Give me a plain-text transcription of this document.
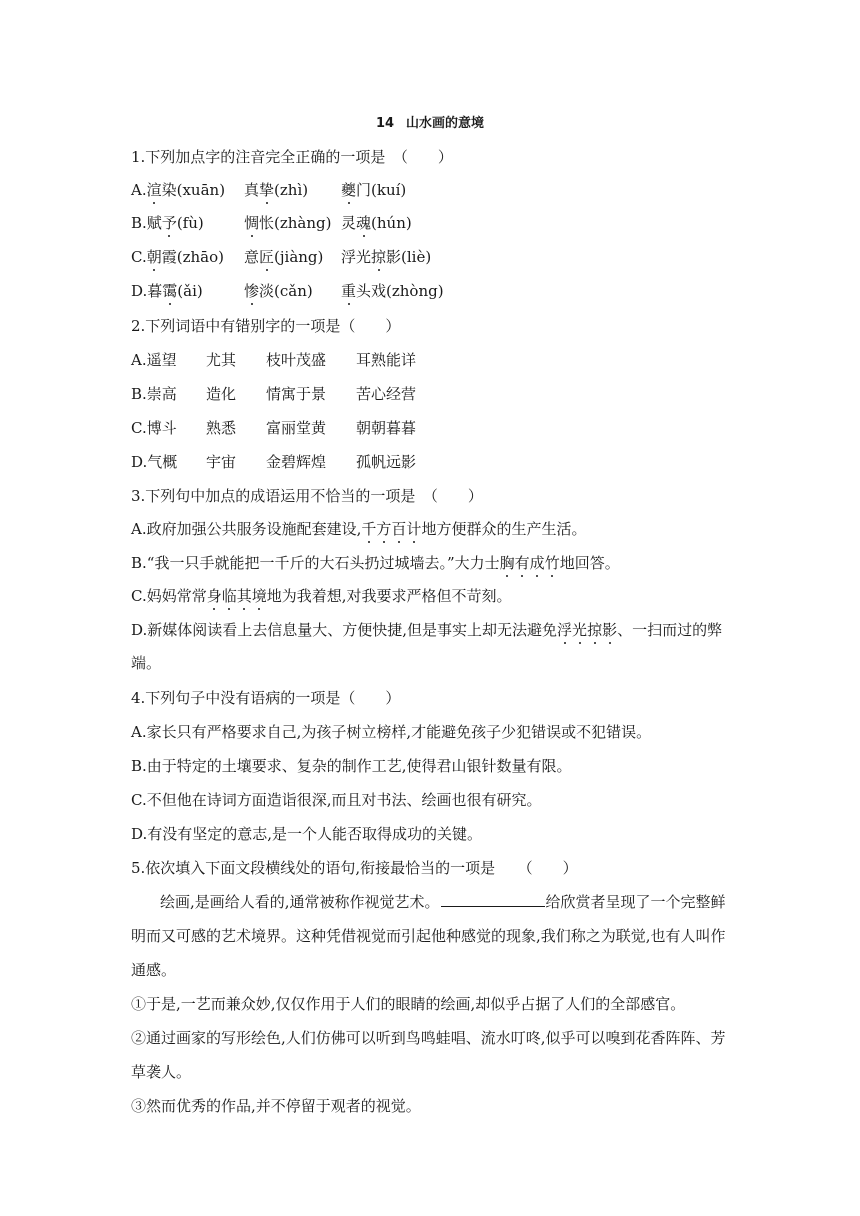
14 山水画的意境
1.下列加点字的注音完全正确的一项是　（　　）
A.渲染(xuān) 真挚(zhì) 夔门(kuí)
B.赋予(fù)	惆怅(zhàng) 灵魂(hún)
C.朝霞(zhāo) 意匠(jiàng) 浮光掠影(liè)
D.暮霭(ǎi)	惨淡(cǎn) 重头戏(zhòng)
2.下列词语中有错别字的一项是（　　）
A.遥望 尤其 枝叶茂盛 耳熟能详
B.崇高 造化 情寓于景 苦心经营
C.博斗 熟悉 富丽堂黄 朝朝暮暮
D.气概 宇宙 金碧辉煌 孤帆远影
3.下列句中加点的成语运用不恰当的一项是　（　　）
A.政府加强公共服务设施配套建设,千方百计地方便群众的生产生活。
B.“我一只手就能把一千斤的大石头扔过城墙去。”大力士胸有成竹地回答。
C.妈妈常常身临其境地为我着想,对我要求严格但不苛刻。
D.新媒体阅读看上去信息量大、方便快捷,但是事实上却无法避免浮光掠影、一扫而过的弊
端。
4.下列句子中没有语病的一项是（　　）
A.家长只有严格要求自己,为孩子树立榜样,才能避免孩子少犯错误或不犯错误。
B.由于特定的土壤要求、复杂的制作工艺,使得君山银针数量有限。
C.不但他在诗词方面造诣很深,而且对书法、绘画也很有研究。
D.有没有坚定的意志,是一个人能否取得成功的关键。
5.依次填入下面文段横线处的语句,衔接最恰当的一项是　　（　　）
绘画,是画给人看的,通常被称作视觉艺术。	给欣赏者呈现了一个完整鲜
明而又可感的艺术境界。这种凭借视觉而引起他种感觉的现象,我们称之为联觉,也有人叫作
通感。
①于是,一艺而兼众妙,仅仅作用于人们的眼睛的绘画,却似乎占据了人们的全部感官。
②通过画家的写形绘色,人们仿佛可以听到鸟鸣蛙唱、流水叮咚,似乎可以嗅到花香阵阵、芳
草袭人。
③然而优秀的作品,并不停留于观者的视觉。
